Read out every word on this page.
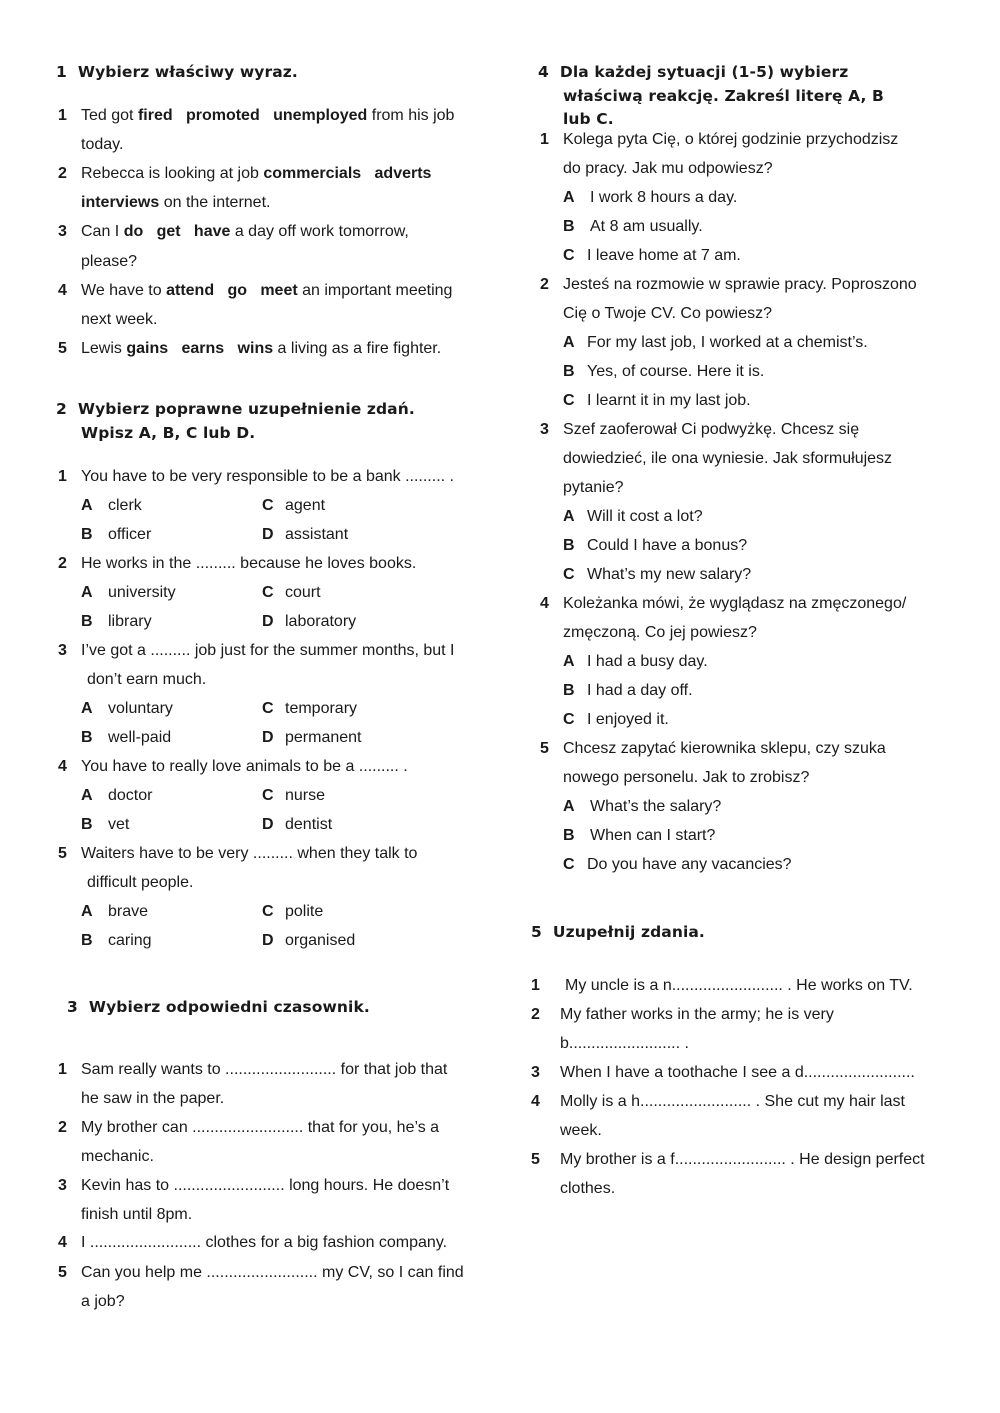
1 Wybierz właściwy wyraz.
1 Ted got fired promoted unemployed from his job
today.
2 Rebecca is looking at job commercials adverts
interviews on the internet.
3 Can I do get have a day off work tomorrow,
please?
4 We have to attend go meet an important meeting
next week.
5 Lewis gains earns wins a living as a fire fighter.
2 Wybierz poprawne uzupełnienie zdań.
Wpisz A, B, C lub D.
1 You have to be very responsible to be a bank ......... .
A clerk	C agent
B officer	D assistant
2 He works in the ......... because he loves books.
A university	C court
B library	D laboratory
3 I’ve got a ......... job just for the summer months, but I
don’t earn much.
A voluntary	C temporary
B well-paid	D permanent
4 You have to really love animals to be a ......... .
A doctor	C nurse
B vet	D dentist
5 Waiters have to be very ......... when they talk to
difficult people.
A brave	C polite
B caring	D organised
3 Wybierz odpowiedni czasownik.
1 Sam really wants to ......................... for that job that
he saw in the paper.
2 My brother can ......................... that for you, he’s a
mechanic.
3 Kevin has to ......................... long hours. He doesn’t
finish until 8pm.
4 I ......................... clothes for a big fashion company.
5 Can you help me ......................... my CV, so I can find
a job?
4 Dla każdej sytuacji (1-5) wybierz
właściwą reakcję. Zakreśl literę A, B
lub C.
1 Kolega pyta Cię, o której godzinie przychodzisz
do pracy. Jak mu odpowiesz?
A I work 8 hours a day.
B At 8 am usually.
C I leave home at 7 am.
2 Jesteś na rozmowie w sprawie pracy. Poproszono
Cię o Twoje CV. Co powiesz?
A For my last job, I worked at a chemist’s.
B Yes, of course. Here it is.
C I learnt it in my last job.
3 Szef zaoferował Ci podwyżkę. Chcesz się
dowiedzieć, ile ona wyniesie. Jak sformułujesz
pytanie?
A Will it cost a lot?
B Could I have a bonus?
C What’s my new salary?
4 Koleżanka mówi, że wyglądasz na zmęczonego/
zmęczoną. Co jej powiesz?
A I had a busy day.
B I had a day off.
C I enjoyed it.
5 Chcesz zapytać kierownika sklepu, czy szuka
nowego personelu. Jak to zrobisz?
A What’s the salary?
B When can I start?
C Do you have any vacancies?
5 Uzupełnij zdania.
1 My uncle is a n......................... . He works on TV.
2 My father works in the army; he is very
b......................... .
3 When I have a toothache I see a d.........................
4 Molly is a h......................... . She cut my hair last
week.
5 My brother is a f......................... . He design perfect
clothes.
